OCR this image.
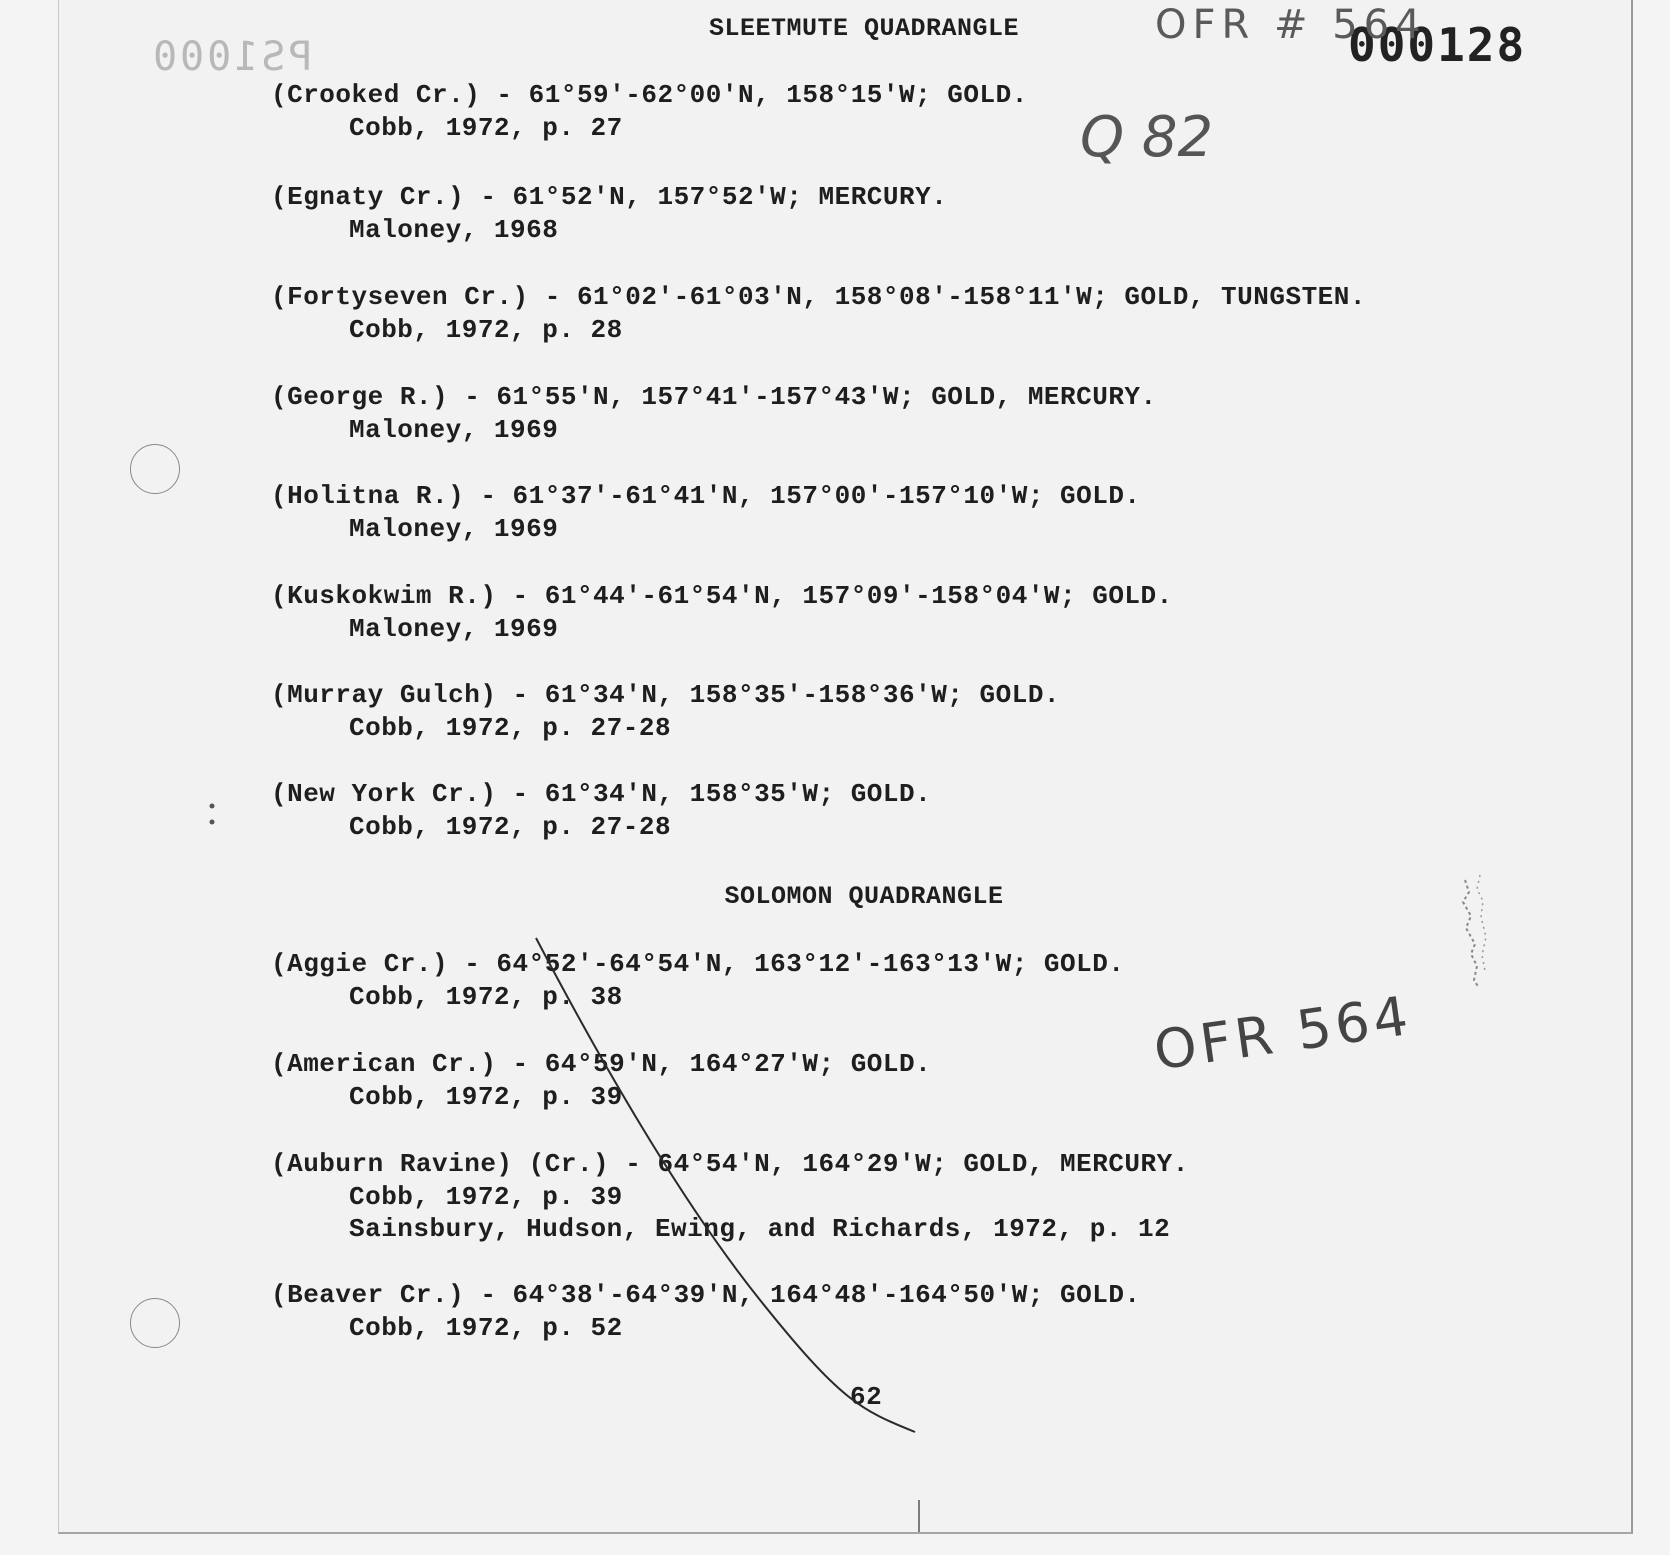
PS1000	000128
OFR # 564
Q 82
OFR 564
SLEETMUTE QUADRANGLE
(Crooked Cr.) - 61°59'-62°00'N, 158°15'W; GOLD.
Cobb, 1972, p. 27
(Egnaty Cr.) - 61°52'N, 157°52'W; MERCURY.
Maloney, 1968
(Fortyseven Cr.) - 61°02'-61°03'N, 158°08'-158°11'W; GOLD, TUNGSTEN.
Cobb, 1972, p. 28
(George R.) - 61°55'N, 157°41'-157°43'W; GOLD, MERCURY.
Maloney, 1969
(Holitna R.) - 61°37'-61°41'N, 157°00'-157°10'W; GOLD.
Maloney, 1969
(Kuskokwim R.) - 61°44'-61°54'N, 157°09'-158°04'W; GOLD.
Maloney, 1969
(Murray Gulch) - 61°34'N, 158°35'-158°36'W; GOLD.
Cobb, 1972, p. 27-28
(New York Cr.) - 61°34'N, 158°35'W; GOLD.
Cobb, 1972, p. 27-28
SOLOMON QUADRANGLE
(Aggie Cr.) - 64°52'-64°54'N, 163°12'-163°13'W; GOLD.
Cobb, 1972, p. 38
(American Cr.) - 64°59'N, 164°27'W; GOLD.
Cobb, 1972, p. 39
(Auburn Ravine) (Cr.) - 64°54'N, 164°29'W; GOLD, MERCURY.
Cobb, 1972, p. 39
Sainsbury, Hudson, Ewing, and Richards, 1972, p. 12
(Beaver Cr.) - 64°38'-64°39'N, 164°48'-164°50'W; GOLD.
Cobb, 1972, p. 52
62
